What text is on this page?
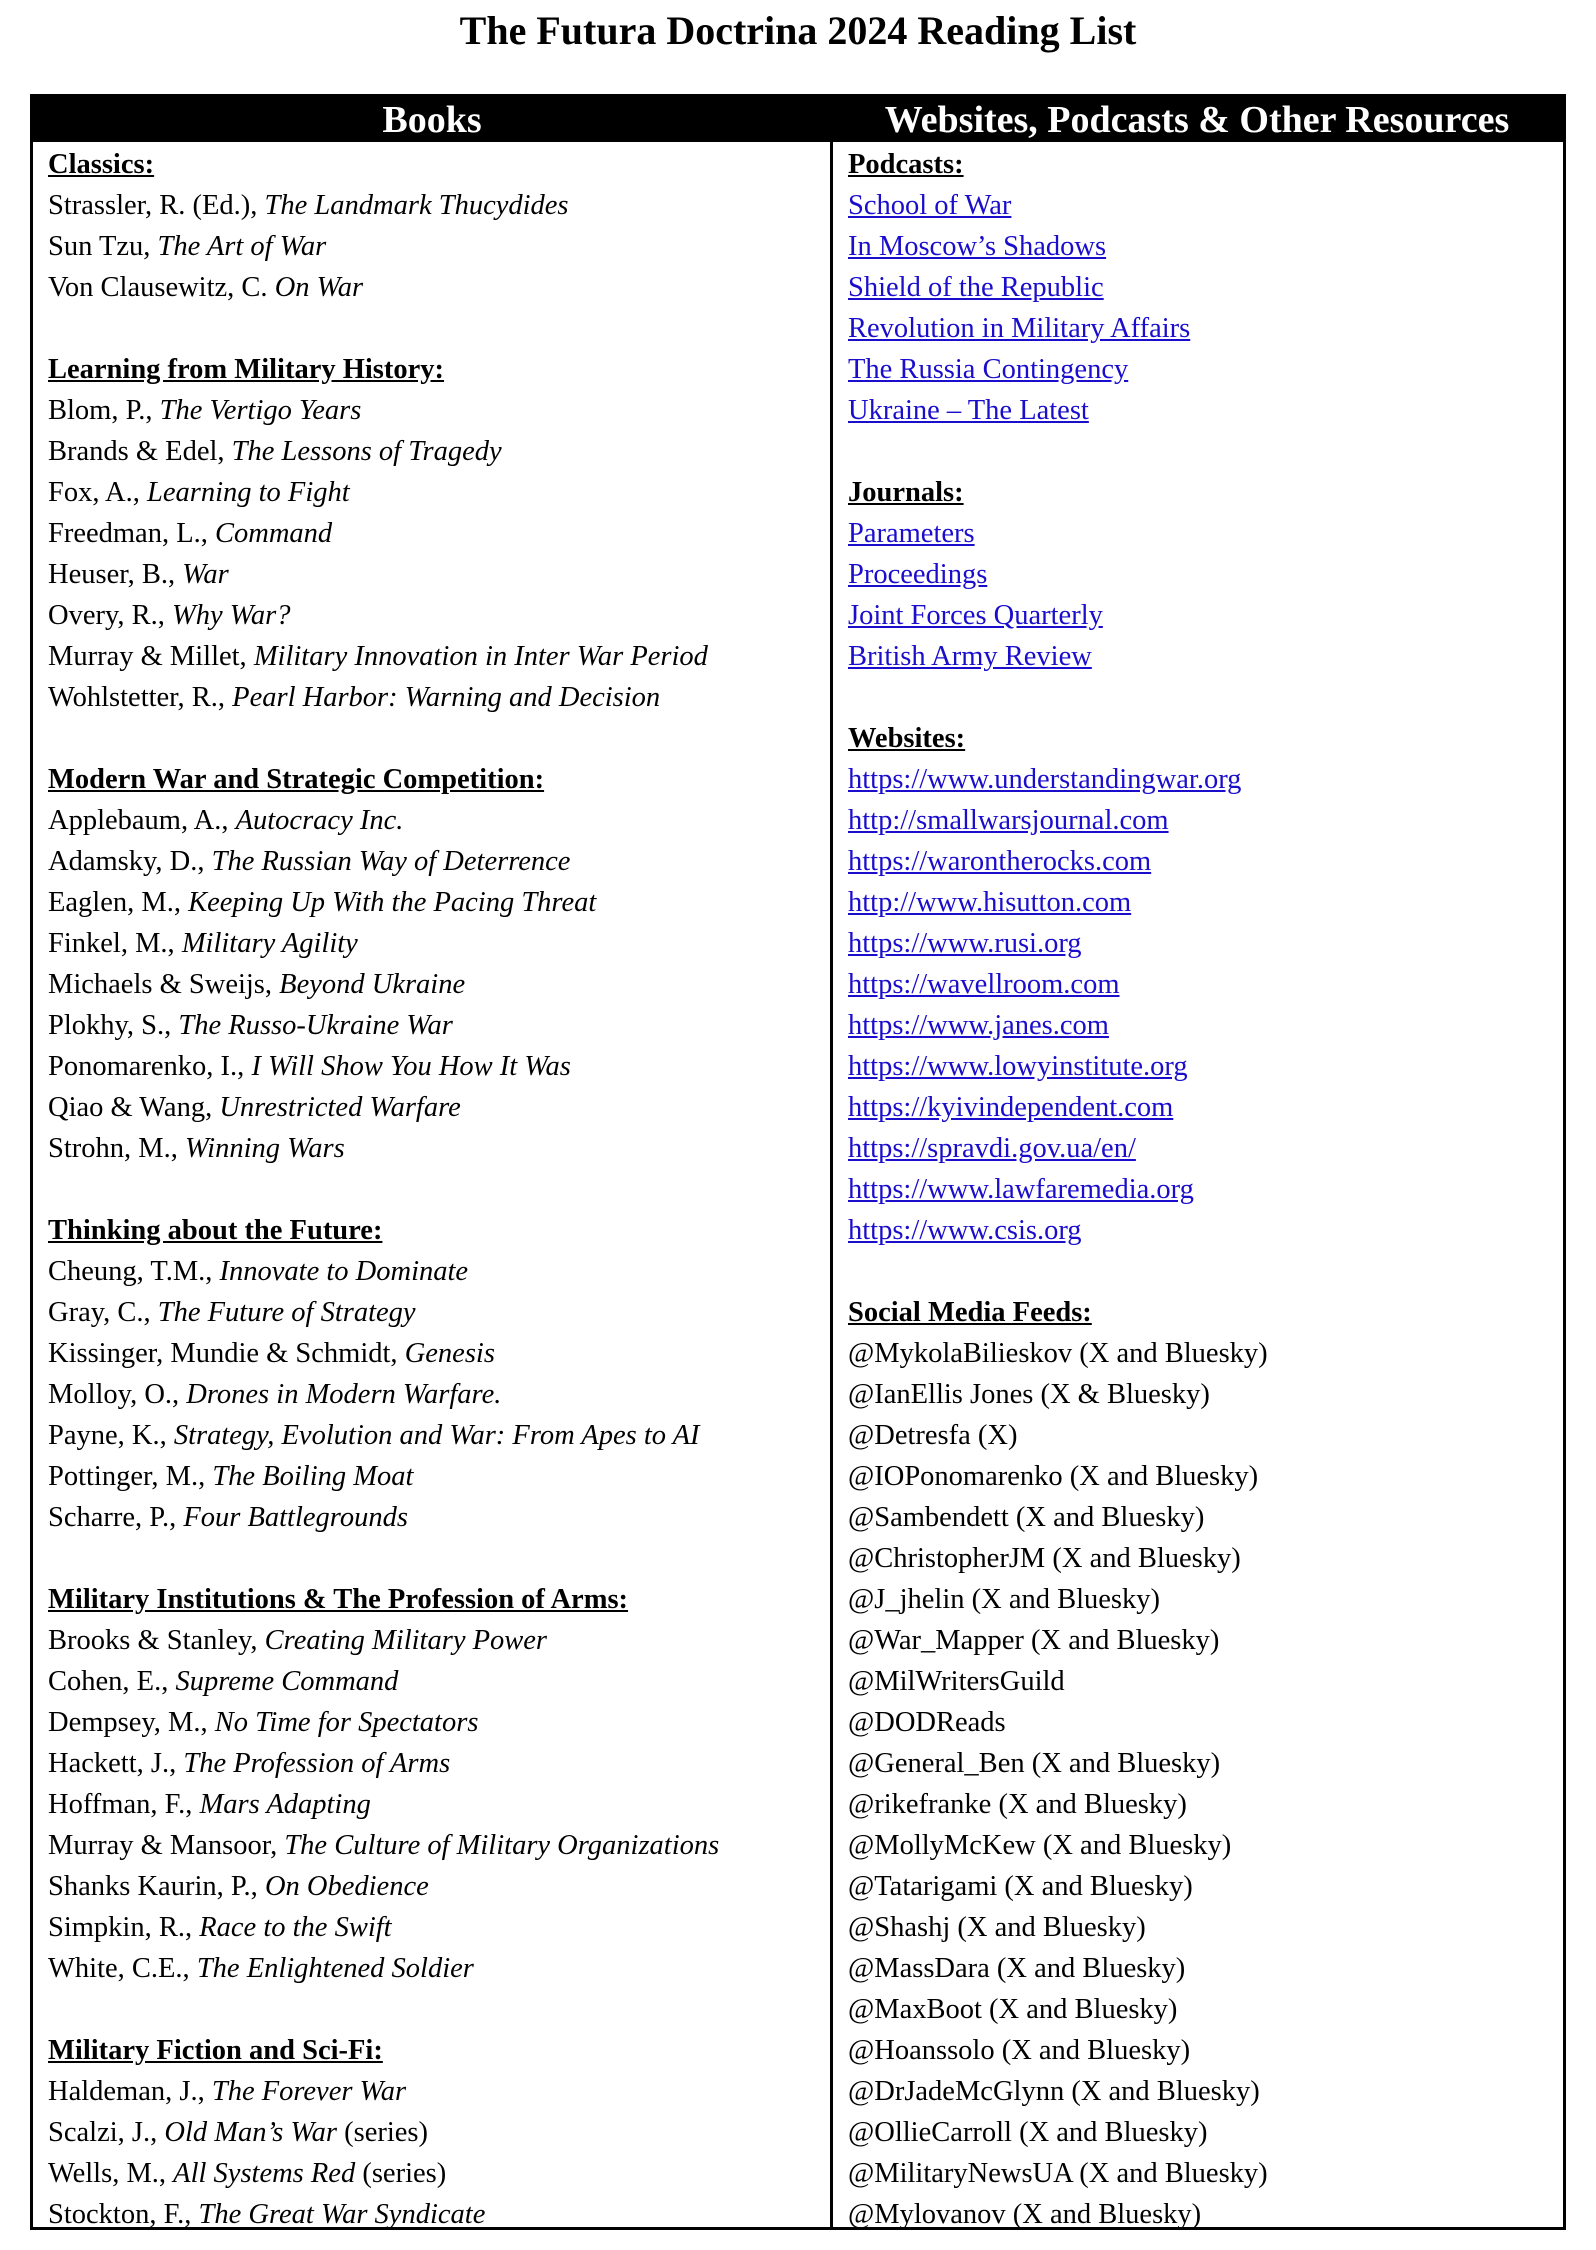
The Futura Doctrina 2024 Reading List
Books	Websites, Podcasts & Other Resources
Classics:
Strassler, R. (Ed.), The Landmark Thucydides
Sun Tzu, The Art of War
Von Clausewitz, C. On War
Learning from Military History:
Blom, P., The Vertigo Years
Brands & Edel, The Lessons of Tragedy
Fox, A., Learning to Fight
Freedman, L., Command
Heuser, B., War
Overy, R., Why War?
Murray & Millet, Military Innovation in Inter War Period
Wohlstetter, R., Pearl Harbor: Warning and Decision
Modern War and Strategic Competition:
Applebaum, A., Autocracy Inc.
Adamsky, D., The Russian Way of Deterrence
Eaglen, M., Keeping Up With the Pacing Threat
Finkel, M., Military Agility
Michaels & Sweijs, Beyond Ukraine
Plokhy, S., The Russo-Ukraine War
Ponomarenko, I., I Will Show You How It Was
Qiao & Wang, Unrestricted Warfare
Strohn, M., Winning Wars
Thinking about the Future:
Cheung, T.M., Innovate to Dominate
Gray, C., The Future of Strategy
Kissinger, Mundie & Schmidt, Genesis
Molloy, O., Drones in Modern Warfare.
Payne, K., Strategy, Evolution and War: From Apes to AI
Pottinger, M., The Boiling Moat
Scharre, P., Four Battlegrounds
Military Institutions & The Profession of Arms:
Brooks & Stanley, Creating Military Power
Cohen, E., Supreme Command
Dempsey, M., No Time for Spectators
Hackett, J., The Profession of Arms
Hoffman, F., Mars Adapting
Murray & Mansoor, The Culture of Military Organizations
Shanks Kaurin, P., On Obedience
Simpkin, R., Race to the Swift
White, C.E., The Enlightened Soldier
Military Fiction and Sci-Fi:
Haldeman, J., The Forever War
Scalzi, J., Old Man’s War (series)
Wells, M., All Systems Red (series)
Stockton, F., The Great War Syndicate
Podcasts:
School of War
In Moscow’s Shadows
Shield of the Republic
Revolution in Military Affairs
The Russia Contingency
Ukraine – The Latest
Journals:
Parameters
Proceedings
Joint Forces Quarterly
British Army Review
Websites:
https://www.understandingwar.org
http://smallwarsjournal.com
https://warontherocks.com
http://www.hisutton.com
https://www.rusi.org
https://wavellroom.com
https://www.janes.com
https://www.lowyinstitute.org
https://kyivindependent.com
https://spravdi.gov.ua/en/
https://www.lawfaremedia.org
https://www.csis.org
Social Media Feeds:
@MykolaBilieskov (X and Bluesky)
@IanEllis Jones (X & Bluesky)
@Detresfa (X)
@IOPonomarenko (X and Bluesky)
@Sambendett (X and Bluesky)
@ChristopherJM (X and Bluesky)
@J_jhelin (X and Bluesky)
@War_Mapper (X and Bluesky)
@MilWritersGuild
@DODReads
@General_Ben (X and Bluesky)
@rikefranke (X and Bluesky)
@MollyMcKew (X and Bluesky)
@Tatarigami (X and Bluesky)
@Shashj (X and Bluesky)
@MassDara (X and Bluesky)
@MaxBoot (X and Bluesky)
@Hoanssolo (X and Bluesky)
@DrJadeMcGlynn (X and Bluesky)
@OllieCarroll (X and Bluesky)
@MilitaryNewsUA (X and Bluesky)
@Mylovanov (X and Bluesky)
